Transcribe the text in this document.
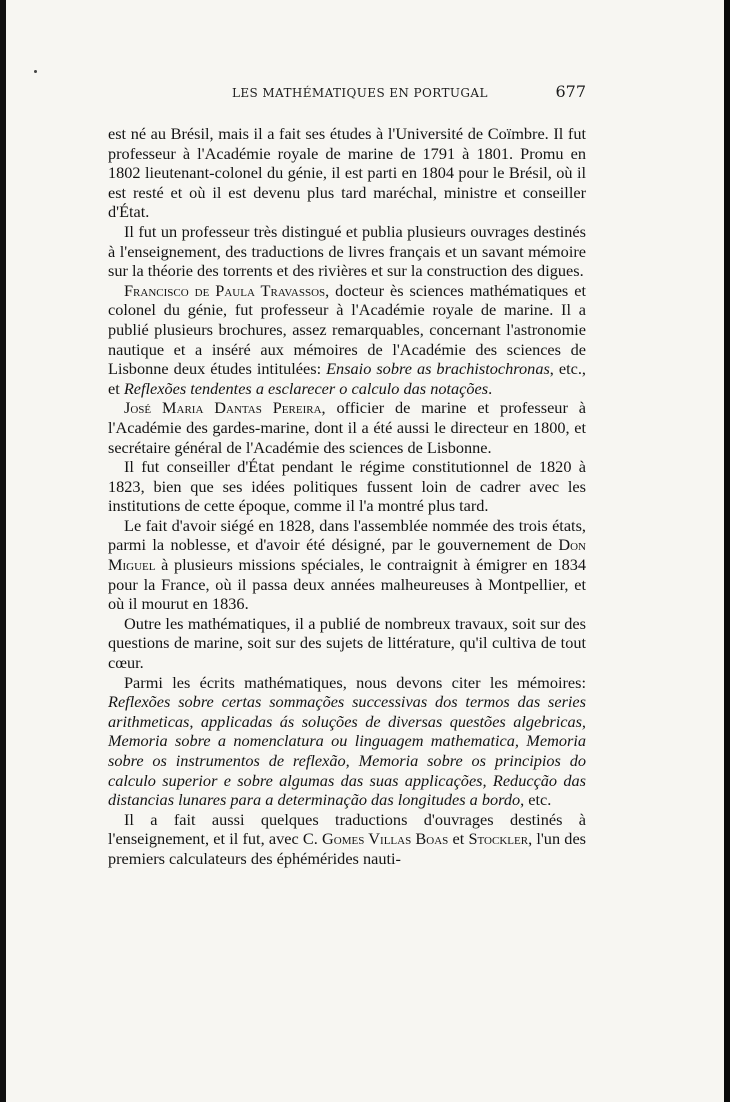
LES MATHÉMATIQUES EN PORTUGAL	677

est né au Brésil, mais il a fait ses études à l'Université de Coïmbre. Il fut professeur à l'Académie royale de marine de 1791 à 1801. Promu en 1802 lieutenant-colonel du génie, il est parti en 1804 pour le Brésil, où il est resté et où il est devenu plus tard maréchal, ministre et conseiller d'État.

Il fut un professeur très distingué et publia plusieurs ouvrages destinés à l'enseignement, des traductions de livres français et un savant mémoire sur la théorie des torrents et des rivières et sur la construction des digues.

Francisco de Paula Travassos, docteur ès sciences mathématiques et colonel du génie, fut professeur à l'Académie royale de marine. Il a publié plusieurs brochures, assez remarquables, concernant l'astronomie nautique et a inséré aux mémoires de l'Académie des sciences de Lisbonne deux études intitulées: Ensaio sobre as brachistochronas, etc., et Reflexões tendentes a esclarecer o calculo das notações.

José Maria Dantas Pereira, officier de marine et professeur à l'Académie des gardes-marine, dont il a été aussi le directeur en 1800, et secrétaire général de l'Académie des sciences de Lisbonne.

Il fut conseiller d'État pendant le régime constitutionnel de 1820 à 1823, bien que ses idées politiques fussent loin de cadrer avec les institutions de cette époque, comme il l'a montré plus tard.

Le fait d'avoir siégé en 1828, dans l'assemblée nommée des trois états, parmi la noblesse, et d'avoir été désigné, par le gouvernement de Don Miguel à plusieurs missions spéciales, le contraignit à émigrer en 1834 pour la France, où il passa deux années malheureuses à Montpellier, et où il mourut en 1836.

Outre les mathématiques, il a publié de nombreux travaux, soit sur des questions de marine, soit sur des sujets de littérature, qu'il cultiva de tout cœur.

Parmi les écrits mathématiques, nous devons citer les mémoires: Reflexões sobre certas sommações successivas dos termos das series arithmeticas, applicadas ás soluções de diversas questões algebricas, Memoria sobre a nomenclatura ou linguagem mathematica, Memoria sobre os instrumentos de reflexão, Memoria sobre os principios do calculo superior e sobre algumas das suas applicações, Reducção das distancias lunares para a determinação das longitudes a bordo, etc.

Il a fait aussi quelques traductions d'ouvrages destinés à l'enseignement, et il fut, avec C. Gomes Villas Boas et Stockler, l'un des premiers calculateurs des éphémérides nauti-
